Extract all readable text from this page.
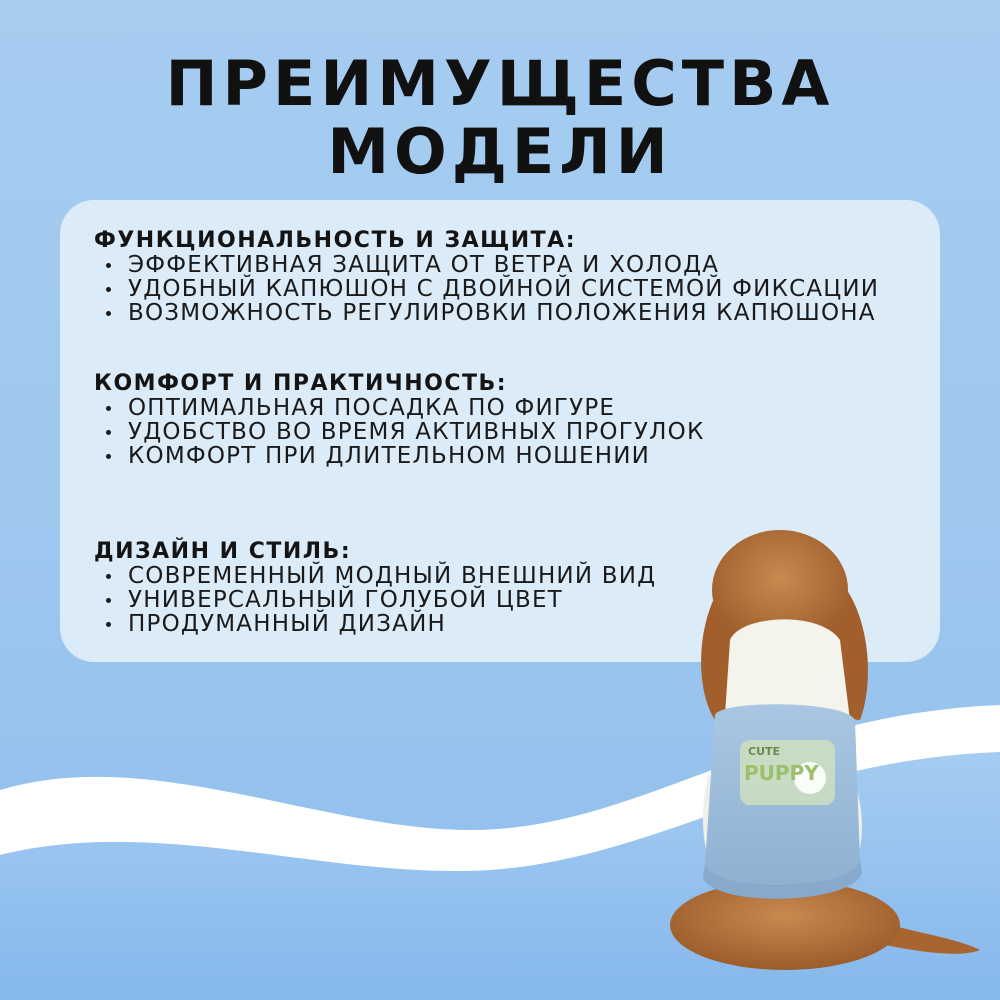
ПРЕИМУЩЕСТВА
МОДЕЛИ
ФУНКЦИОНАЛЬНОСТЬ И ЗАЩИТА:
ЭФФЕКТИВНАЯ ЗАЩИТА ОТ ВЕТРА И ХОЛОДА
УДОБНЫЙ КАПЮШОН С ДВОЙНОЙ СИСТЕМОЙ ФИКСАЦИИ
ВОЗМОЖНОСТЬ РЕГУЛИРОВКИ ПОЛОЖЕНИЯ КАПЮШОНА
КОМФОРТ И ПРАКТИЧНОСТЬ:
ОПТИМАЛЬНАЯ ПОСАДКА ПО ФИГУРЕ
УДОБСТВО ВО ВРЕМЯ АКТИВНЫХ ПРОГУЛОК
КОМФОРТ ПРИ ДЛИТЕЛЬНОМ НОШЕНИИ
ДИЗАЙН И СТИЛЬ:
СОВРЕМЕННЫЙ МОДНЫЙ ВНЕШНИЙ ВИД
УНИВЕРСАЛЬНЫЙ ГОЛУБОЙ ЦВЕТ
ПРОДУМАННЫЙ ДИЗАЙН
CUTE
PUPPY
